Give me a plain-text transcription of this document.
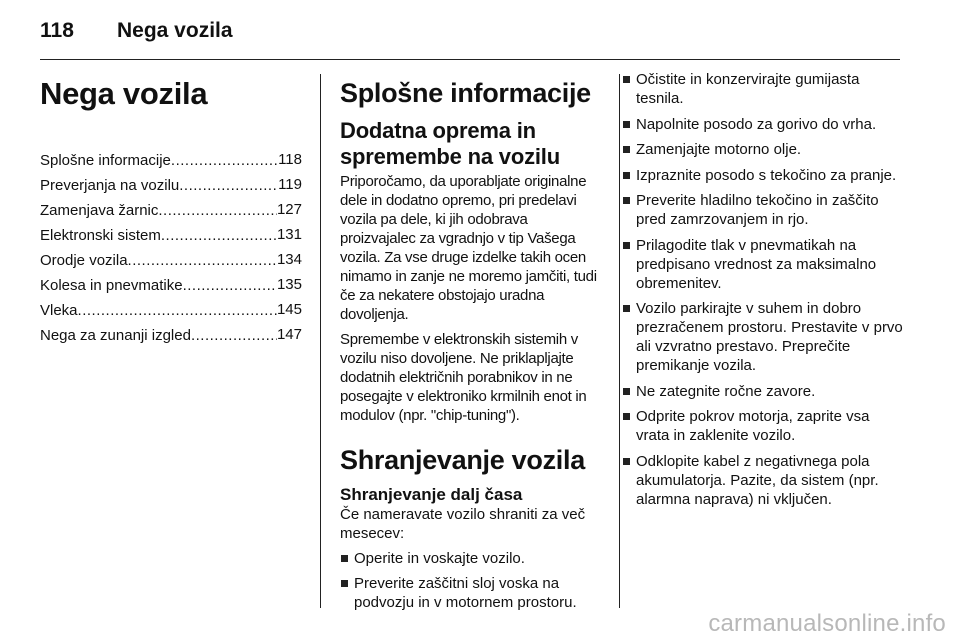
118 Nega vozila
Nega vozila
Splošne informacije .....	118
Preverjanja na vozilu .....	119
Zamenjava žarnic .....	127
Elektronski sistem .....	131
Orodje vozila .....	134
Kolesa in pnevmatike .....	135
Vleka .....	145
Nega za zunanji izgled .....	147
Splošne informacije
Dodatna oprema in spremembe na vozilu

Priporočamo, da uporabljate originalne dele in dodatno opremo, pri predelavi vozila pa dele, ki jih odobrava proizvajalec za vgradnjo v tip Vašega vozila. Za vse druge izdelke takih ocen nimamo in zanje ne moremo jamčiti, tudi če za nekatere obstojajo uradna dovoljenja.

Spremembe v elektronskih sistemih v vozilu niso dovoljene. Ne priklapljajte dodatnih električnih porabnikov in ne posegajte v elektroniko krmilnih enot in modulov (npr. "chip-tuning").

Shranjevanje vozila
Shranjevanje dalj časa

Če nameravate vozilo shraniti za več mesecev:

Operite in voskajte vozilo.
Preverite zaščitni sloj voska na podvozju in v motornem prostoru.
Očistite in konzervirajte gumijasta tesnila.
Napolnite posodo za gorivo do vrha.
Zamenjajte motorno olje.
Izpraznite posodo s tekočino za pranje.
Preverite hladilno tekočino in zaščito pred zamrzovanjem in rjo.
Prilagodite tlak v pnevmatikah na predpisano vrednost za maksimalno obremenitev.
Vozilo parkirajte v suhem in dobro prezračenem prostoru. Prestavite v prvo ali vzvratno prestavo. Preprečite premikanje vozila.
Ne zategnite ročne zavore.
Odprite pokrov motorja, zaprite vsa vrata in zaklenite vozilo.
Odklopite kabel z negativnega pola akumulatorja. Pazite, da sistem (npr. alarmna naprava) ni vključen.
carmanualsonline.info
